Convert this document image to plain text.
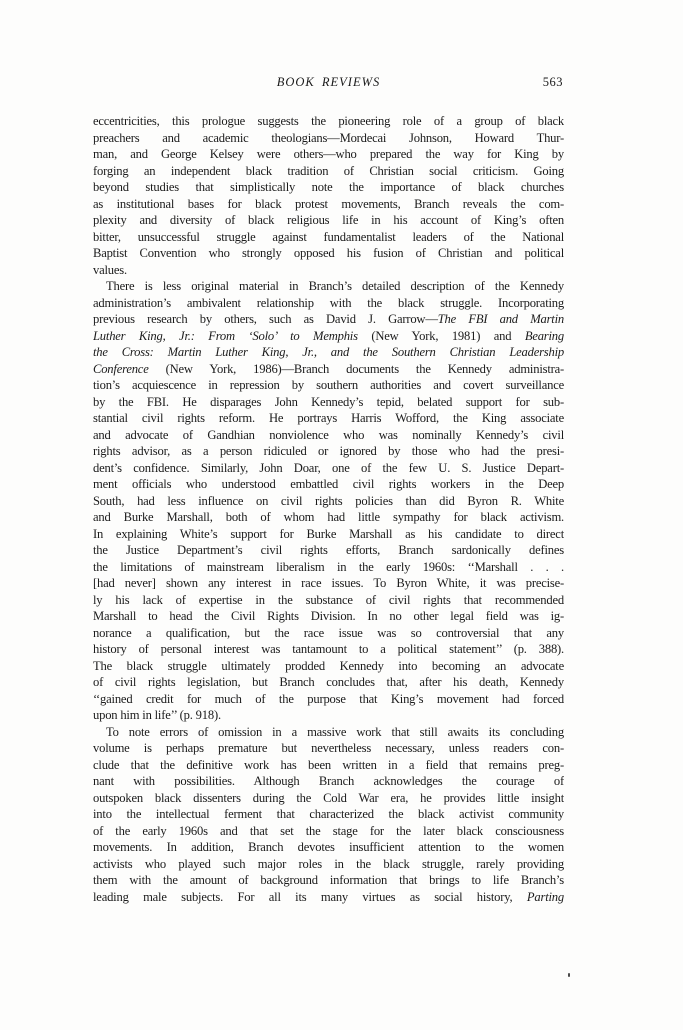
BOOK REVIEWS	563
eccentricities, this prologue suggests the pioneering role of a group of black
preachers and academic theologians—Mordecai Johnson, Howard Thur-
man, and George Kelsey were others—who prepared the way for King by
forging an independent black tradition of Christian social criticism. Going
beyond studies that simplistically note the importance of black churches
as institutional bases for black protest movements, Branch reveals the com-
plexity and diversity of black religious life in his account of King’s often
bitter, unsuccessful struggle against fundamentalist leaders of the National
Baptist Convention who strongly opposed his fusion of Christian and political
values.
There is less original material in Branch’s detailed description of the Kennedy
administration’s ambivalent relationship with the black struggle. Incorporating
previous research by others, such as David J. Garrow—The FBI and Martin
Luther King, Jr.: From ‘Solo’ to Memphis (New York, 1981) and Bearing
the Cross: Martin Luther King, Jr., and the Southern Christian Leadership
Conference (New York, 1986)—Branch documents the Kennedy administra-
tion’s acquiescence in repression by southern authorities and covert surveillance
by the FBI. He disparages John Kennedy’s tepid, belated support for sub-
stantial civil rights reform. He portrays Harris Wofford, the King associate
and advocate of Gandhian nonviolence who was nominally Kennedy’s civil
rights advisor, as a person ridiculed or ignored by those who had the presi-
dent’s confidence. Similarly, John Doar, one of the few U. S. Justice Depart-
ment officials who understood embattled civil rights workers in the Deep
South, had less influence on civil rights policies than did Byron R. White
and Burke Marshall, both of whom had little sympathy for black activism.
In explaining White’s support for Burke Marshall as his candidate to direct
the Justice Department’s civil rights efforts, Branch sardonically defines
the limitations of mainstream liberalism in the early 1960s: ‘‘Marshall . . .
[had never] shown any interest in race issues. To Byron White, it was precise-
ly his lack of expertise in the substance of civil rights that recommended
Marshall to head the Civil Rights Division. In no other legal field was ig-
norance a qualification, but the race issue was so controversial that any
history of personal interest was tantamount to a political statement’’ (p. 388).
The black struggle ultimately prodded Kennedy into becoming an advocate
of civil rights legislation, but Branch concludes that, after his death, Kennedy
‘‘gained credit for much of the purpose that King’s movement had forced
upon him in life’’ (p. 918).
To note errors of omission in a massive work that still awaits its concluding
volume is perhaps premature but nevertheless necessary, unless readers con-
clude that the definitive work has been written in a field that remains preg-
nant with possibilities. Although Branch acknowledges the courage of
outspoken black dissenters during the Cold War era, he provides little insight
into the intellectual ferment that characterized the black activist community
of the early 1960s and that set the stage for the later black consciousness
movements. In addition, Branch devotes insufficient attention to the women
activists who played such major roles in the black struggle, rarely providing
them with the amount of background information that brings to life Branch’s
leading male subjects. For all its many virtues as social history, Parting
